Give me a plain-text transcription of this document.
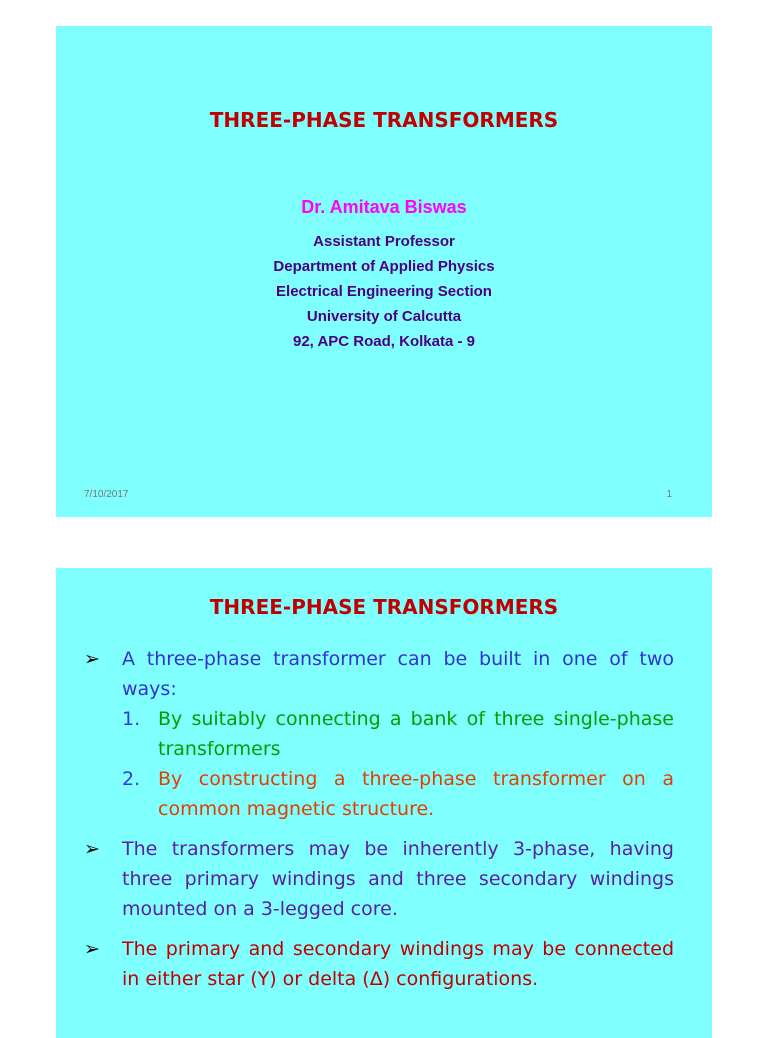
THREE-PHASE TRANSFORMERS
Dr. Amitava Biswas
Assistant Professor
Department of Applied Physics
Electrical Engineering Section
University of Calcutta
92, APC Road, Kolkata - 9
7/10/2017	1
THREE-PHASE TRANSFORMERS
➢ A three-phase transformer can be built in one of two ways:
1. By suitably connecting a bank of three single-phase transformers
2. By constructing a three-phase transformer on a common magnetic structure.
➢ The transformers may be inherently 3-phase, having three primary windings and three secondary windings mounted on a 3-legged core.
➢ The primary and secondary windings may be connected in either star (Y) or delta (Δ) configurations.
